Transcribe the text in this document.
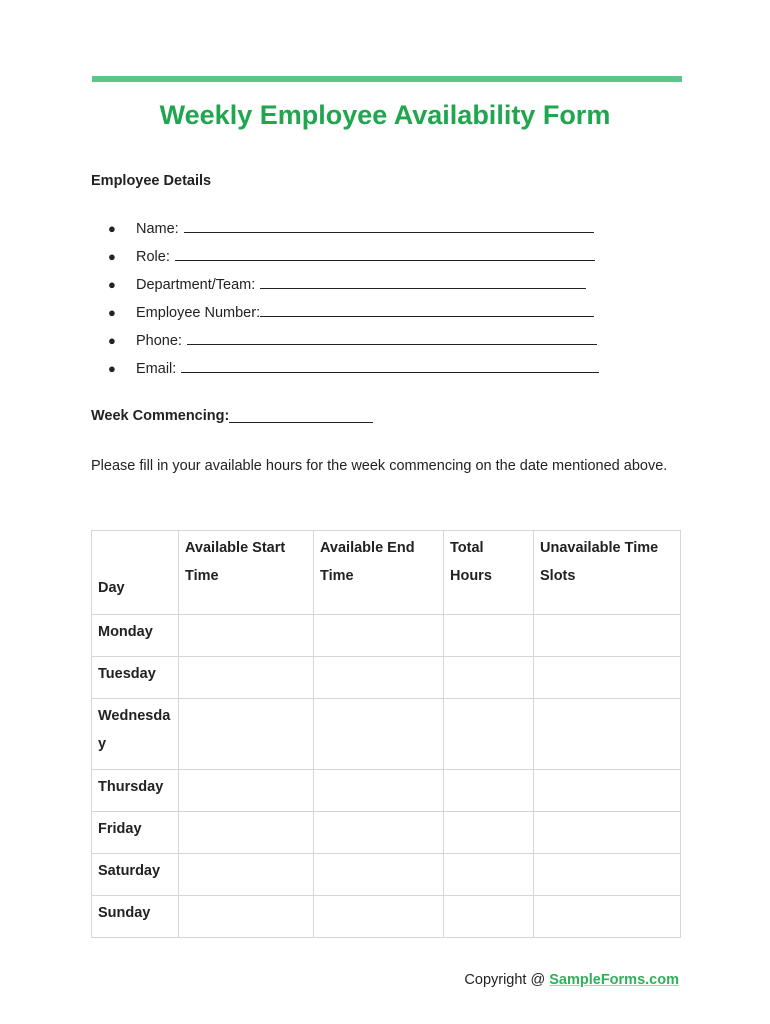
Weekly Employee Availability Form
Employee Details
●	Name:
●	Role:
●	Department/Team:
●	Employee Number:
●	Phone:
●	Email:
Week Commencing:
Please fill in your available hours for the week commencing on the date mentioned above.
Day	Available Start Time	Available End Time	Total Hours	Unavailable Time Slots
Monday				
Tuesday				
Wednesday				
Thursday				
Friday				
Saturday				
Sunday				
Copyright @ SampleForms.com
